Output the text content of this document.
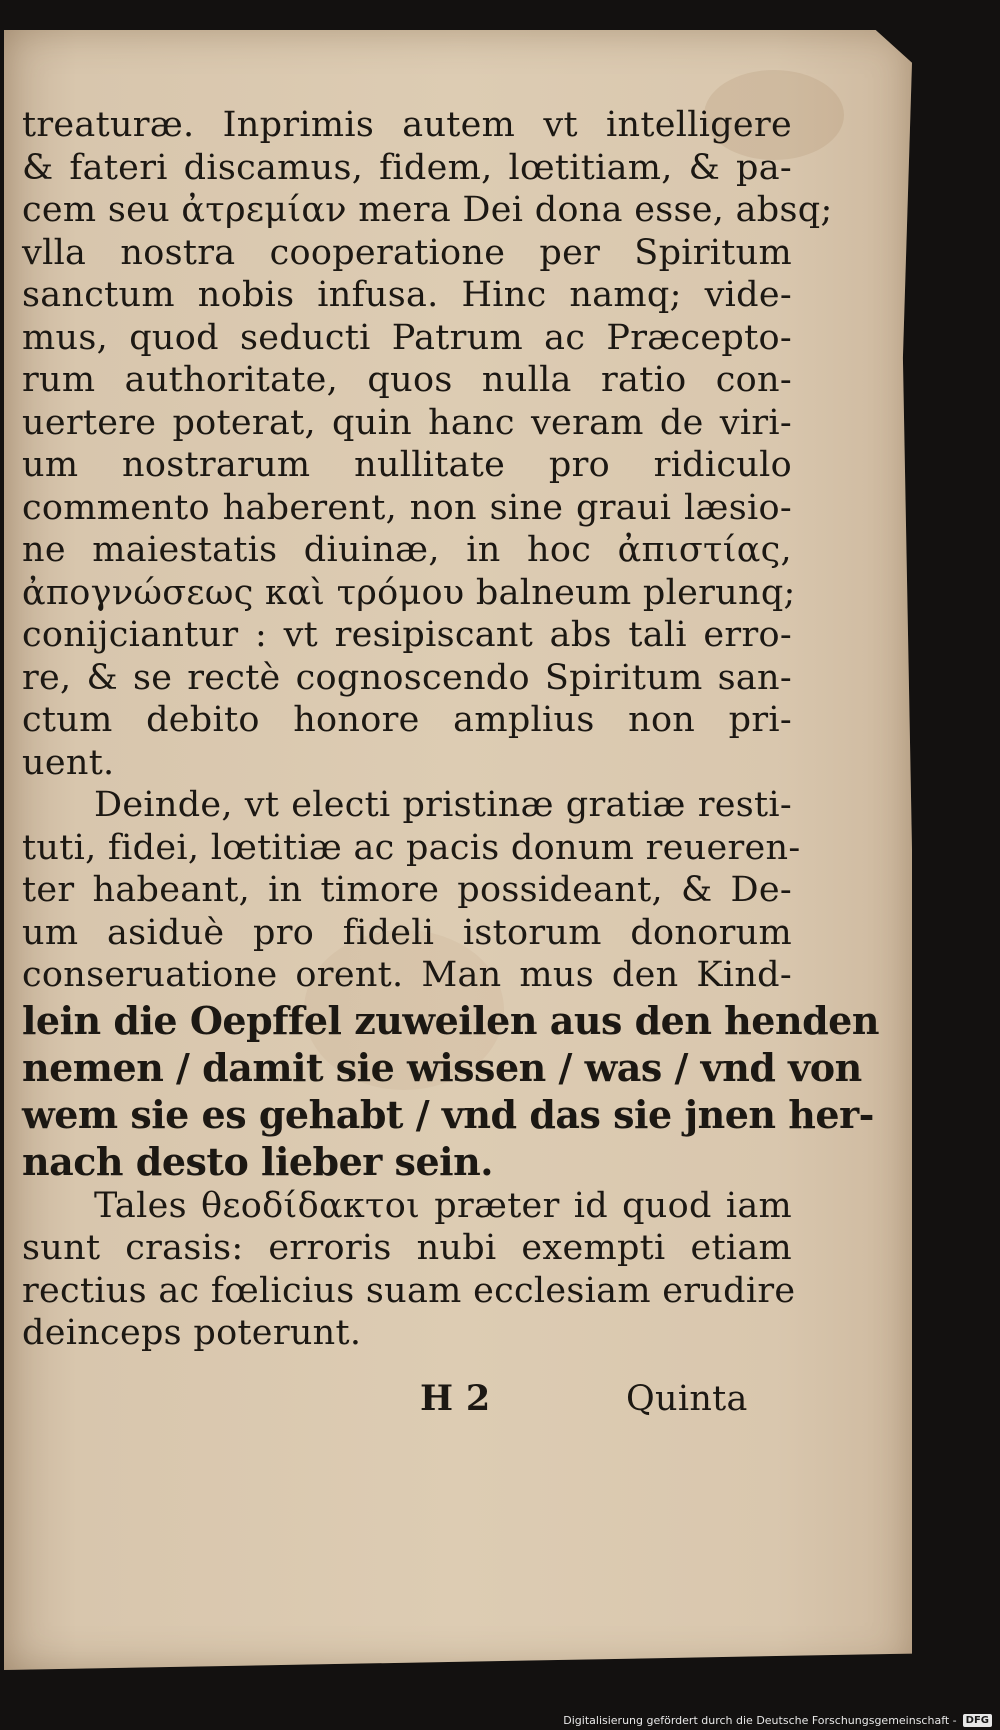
treaturæ. Inprimis autem vt intelligere
& fateri discamus, fidem, lœtitiam, & pa-
cem seu ἀτρεμίαν mera Dei dona esse, absq;
vlla nostra cooperatione per Spiritum
sanctum nobis infusa. Hinc namq; vide-
mus, quod seducti Patrum ac Præcepto-
rum authoritate, quos nulla ratio con-
uertere poterat, quin hanc veram de viri-
um nostrarum nullitate pro ridiculo
commento haberent, non sine graui læsio-
ne maiestatis diuinæ, in hoc ἀπιστίας,
ἀπογνώσεως καὶ τρόμου balneum plerunq;
conijciantur : vt resipiscant abs tali erro-
re, & se rectè cognoscendo Spiritum san-
ctum debito honore amplius non pri-
uent.
Deinde, vt electi pristinæ gratiæ resti-
tuti, fidei, lœtitiæ ac pacis donum reueren-
ter habeant, in timore possideant, & De-
um asiduè pro fideli istorum donorum
conseruatione orent. Man mus den Kind-
lein die Oepffel zuweilen aus den henden
nemen / damit sie wissen / was / vnd von
wem sie es gehabt / vnd das sie jnen her-
nach desto lieber sein.
Tales θεοδίδακτοι præter id quod iam
sunt crasis: erroris nubi exempti etiam
rectius ac fœlicius suam ecclesiam erudire
deinceps poterunt.
H 2	Quinta
Digitalisierung gefördert durch die Deutsche Forschungsgemeinschaft - DFG
